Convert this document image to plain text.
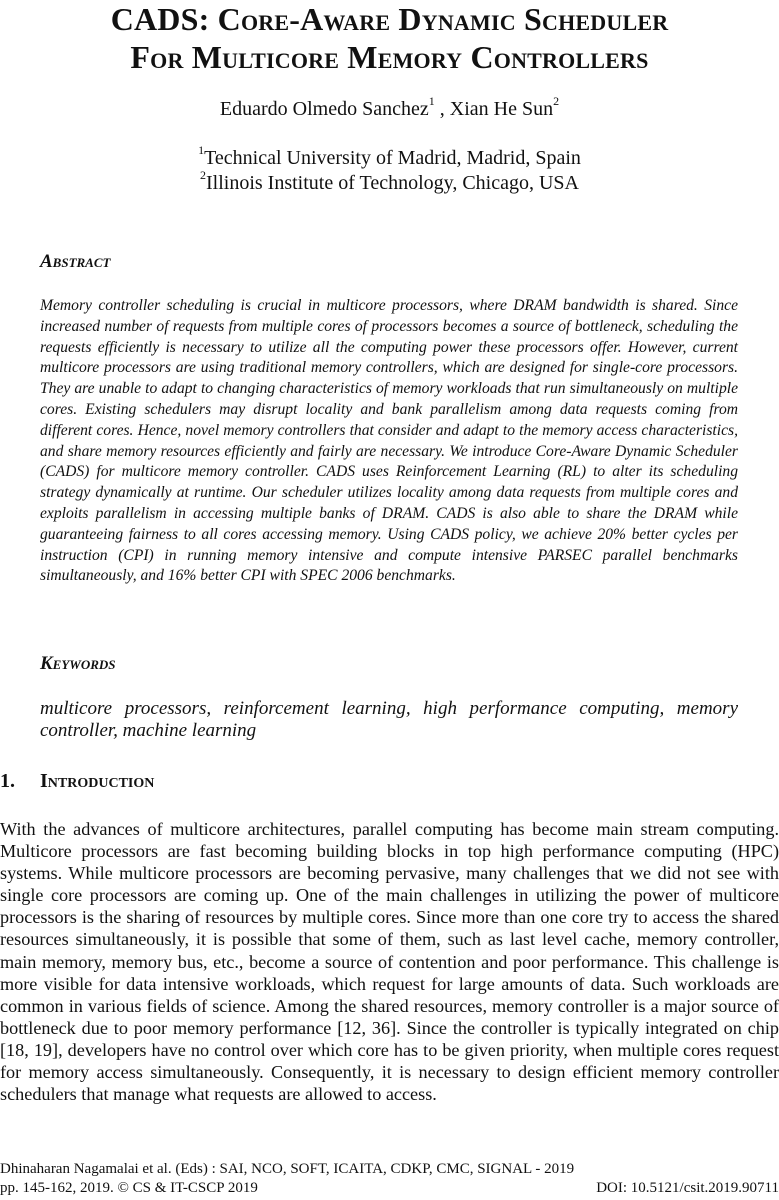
CADS: Core-Aware Dynamic Scheduler
For Multicore Memory Controllers
Eduardo Olmedo Sanchez$^1$ , Xian He Sun$^2$
$^1$Technical University of Madrid, Madrid, Spain
$^2$Illinois Institute of Technology, Chicago, USA
Abstract
Memory controller scheduling is crucial in multicore processors, where DRAM bandwidth is shared. Since increased number of requests from multiple cores of processors becomes a source of bottleneck, scheduling the requests efficiently is necessary to utilize all the computing power these processors offer. However, current multicore processors are using traditional memory controllers, which are designed for single-core processors. They are unable to adapt to changing characteristics of memory workloads that run simultaneously on multiple cores. Existing schedulers may disrupt locality and bank parallelism among data requests coming from different cores. Hence, novel memory controllers that consider and adapt to the memory access characteristics, and share memory resources efficiently and fairly are necessary. We introduce Core-Aware Dynamic Scheduler (CADS) for multicore memory controller. CADS uses Reinforcement Learning (RL) to alter its scheduling strategy dynamically at runtime. Our scheduler utilizes locality among data requests from multiple cores and exploits parallelism in accessing multiple banks of DRAM. CADS is also able to share the DRAM while guaranteeing fairness to all cores accessing memory. Using CADS policy, we achieve 20% better cycles per instruction (CPI) in running memory intensive and compute intensive PARSEC parallel benchmarks simultaneously, and 16% better CPI with SPEC 2006 benchmarks.
Keywords
multicore processors, reinforcement learning, high performance computing, memory controller, machine learning
1. Introduction
With the advances of multicore architectures, parallel computing has become main stream computing. Multicore processors are fast becoming building blocks in top high performance computing (HPC) systems. While multicore processors are becoming pervasive, many challenges that we did not see with single core processors are coming up. One of the main challenges in utilizing the power of multicore processors is the sharing of resources by multiple cores. Since more than one core try to access the shared resources simultaneously, it is possible that some of them, such as last level cache, memory controller, main memory, memory bus, etc., become a source of contention and poor performance. This challenge is more visible for data intensive workloads, which request for large amounts of data. Such workloads are common in various fields of science. Among the shared resources, memory controller is a major source of bottleneck due to poor memory performance [12, 36]. Since the controller is typically integrated on chip [18, 19], developers have no control over which core has to be given priority, when multiple cores request for memory access simultaneously. Consequently, it is necessary to design efficient memory controller schedulers that manage what requests are allowed to access.
Dhinaharan Nagamalai et al. (Eds) : SAI, NCO, SOFT, ICAITA, CDKP, CMC, SIGNAL - 2019
pp. 145-162, 2019. © CS & IT-CSCP 2019	DOI: 10.5121/csit.2019.90711
